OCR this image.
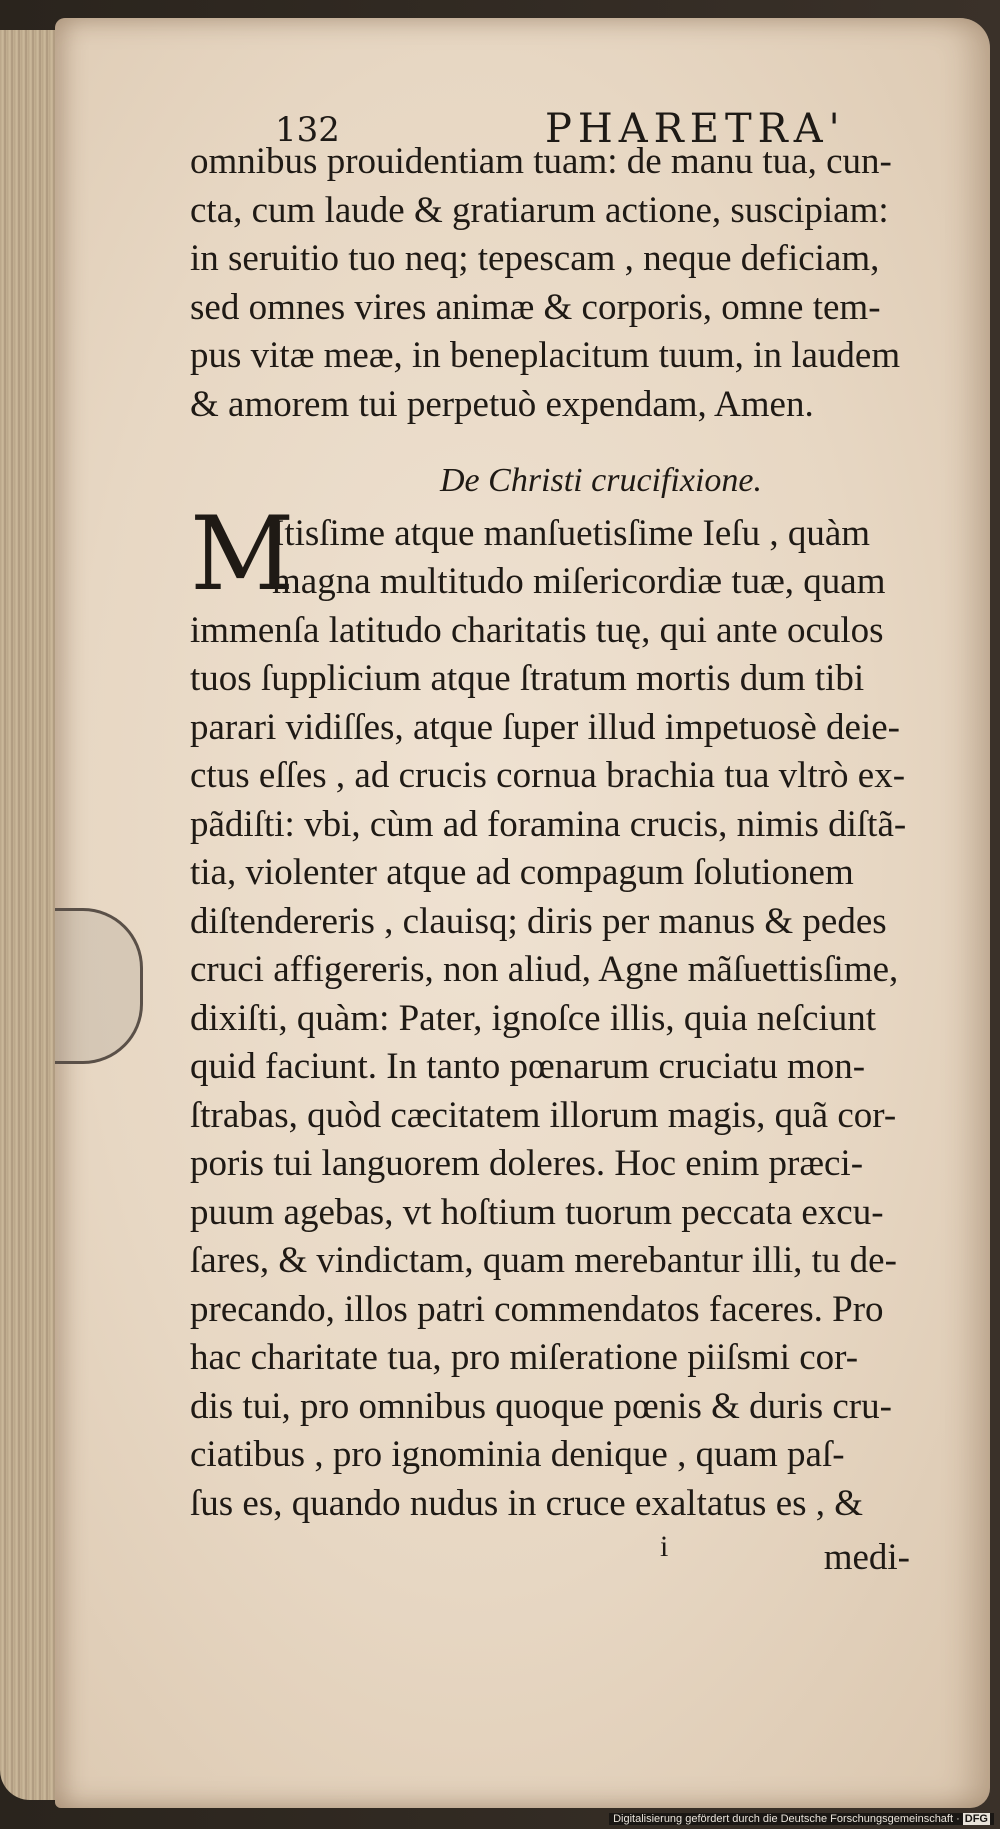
132	PHARETRA'
omnibus prouidentiam tuam: de manu tua, cun-
cta, cum laude & gratiarum actione, suscipiam:
in seruitio tuo neq; tepescam , neque deficiam,
sed omnes vires animæ & corporis, omne tem-
pus vitæ meæ, in beneplacitum tuum, in laudem
& amorem tui perpetuò expendam, Amen.
De Christi crucifixione.
M
Itisſime atque manſuetisſime Ieſu , quàm
magna multitudo miſericordiæ tuæ, quam
immenſa latitudo charitatis tuę, qui ante oculos
tuos ſupplicium atque ſtratum mortis dum tibi
parari vidiſſes, atque ſuper illud impetuosè deie-
ctus eſſes , ad crucis cornua brachia tua vltrò ex-
pãdiſti: vbi, cùm ad foramina crucis, nimis diſtã-
tia, violenter atque ad compagum ſolutionem
diſtendereris , clauisq; diris per manus & pedes
cruci affigereris, non aliud, Agne mãſuettisſime,
dixiſti, quàm: Pater, ignoſce illis, quia neſciunt
quid faciunt. In tanto pœnarum cruciatu mon-
ſtrabas, quòd cæcitatem illorum magis, quã cor-
poris tui languorem doleres. Hoc enim præci-
puum agebas, vt hoſtium tuorum peccata excu-
ſares, & vindictam, quam merebantur illi, tu de-
precando, illos patri commendatos faceres. Pro
hac charitate tua, pro miſeratione piiſsmi cor-
dis tui, pro omnibus quoque pœnis & duris cru-
ciatibus , pro ignominia denique , quam paſ-
ſus es, quando nudus in cruce exaltatus es , &
medi-
i
Digitalisierung gefördert durch die Deutsche Forschungsgemeinschaft · DFG
